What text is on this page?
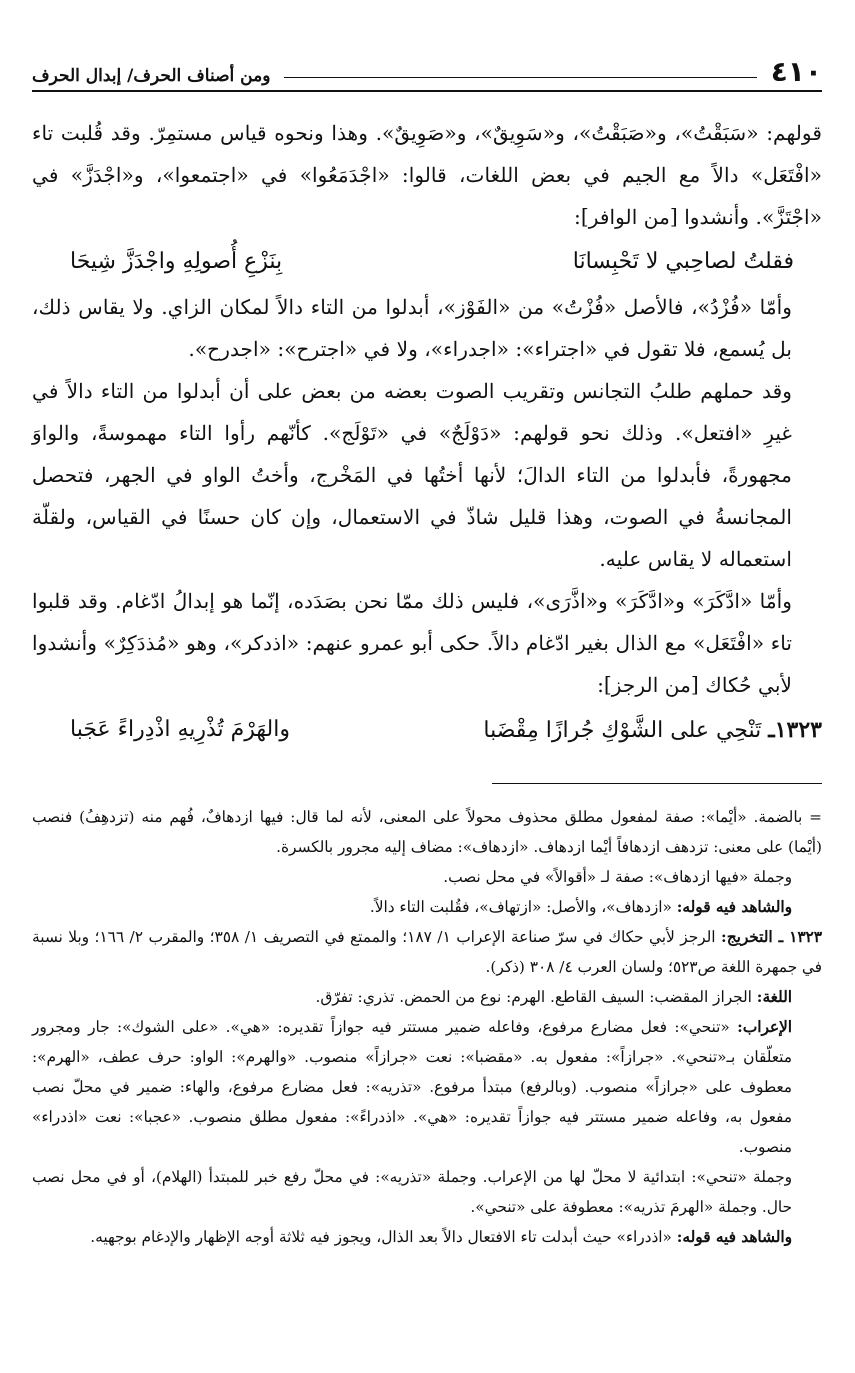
٤١٠
ومن أصناف الحرف/ إبدال الحرف

قولهم: «سَبَقْتُ»، و«صَبَقْتُ»، و«سَوِيقٌ»، و«صَوِيقٌ». وهذا ونحوه قياس مستمِرّ. وقد قُلبت تاء «افْتَعَل» دالاً مع الجيم في بعض اللغات، قالوا: «اجْدَمَعُوا» في «اجتمعوا»، و«اجْدَزَّ» في «اجْتَزَّ». وأنشدوا [من الوافر]:

فقلتُ لصاحِبي لا تَحْبِسانَا
بِنَزْعِ أُصولِهِ واجْدَزَّ شِيحَا

وأمّا «فُزْدُ»، فالأصل «فُزْتُ» من «الفَوْز»، أبدلوا من التاء دالاً لمكان الزاي. ولا يقاس ذلك، بل يُسمع، فلا تقول في «اجتراء»: «اجدراء»، ولا في «اجترح»: «اجدرح».

وقد حملهم طلبُ التجانس وتقريب الصوت بعضه من بعض على أن أبدلوا من التاء دالاً في غيرِ «افتعل». وذلك نحو قولهم: «دَوْلَجٌ» في «تَوْلَج». كأنّهم رأوا التاء مهموسةً، والواوَ مجهورةً، فأبدلوا من التاء الدالَ؛ لأنها أختُها في المَخْرج، وأختُ الواو في الجهر، فتحصل المجانسةُ في الصوت، وهذا قليل شاذّ في الاستعمال، وإن كان حسنًا في القياس، ولقلّة استعماله لا يقاس عليه.

وأمّا «ادَّكَرَ» و«ادَّكَرَ» و«اذَّرَى»، فليس ذلك ممّا نحن بصَدَده، إنّما هو إبدالُ ادّغام. وقد قلبوا تاء «افْتَعَل» مع الذال بغير ادّغام دالاً. حكى أبو عمرو عنهم: «اذدكر»، وهو «مُذدَكِرٌ» وأنشدوا لأبي حُكاك [من الرجز]:

١٣٢٣ـ تَنْحِي على الشَّوْكِ جُرازًا مِقْضَبا
والهَرْمَ تُذْرِيهِ اذْدِراءً عَجَبا

= بالضمة. «أيْما»: صفة لمفعول مطلق محذوف محولاً على المعنى، لأنه لما قال: فيها ازدهافٌ، فُهم منه (تزدهِفُ) فنصب (أيْما) على معنى: تزدهف ازدهافاً أيْما ازدهاف. «ازدهاف»: مضاف إليه مجرور بالكسرة.

وجملة «فيها ازدهاف»: صفة لـ «أقوالاً» في محل نصب.

والشاهد فيه قوله: «ازدهاف»، والأصل: «ازتهاف»، فقُلبت التاء دالاً.

١٣٢٣ ـ التخريج: الرجز لأبي حكاك في سرّ صناعة الإعراب ١/ ١٨٧؛ والممتع في التصريف ١/ ٣٥٨؛ والمقرب ٢/ ١٦٦؛ وبلا نسبة في جمهرة اللغة ص٥٢٣؛ ولسان العرب ٤/ ٣٠٨ (ذكر).

اللغة: الجراز المقضب: السيف القاطع. الهرم: نوع من الحمض. تذري: تفرّق.

الإعراب: «تنحي»: فعل مضارع مرفوع، وفاعله ضمير مستتر فيه جوازاً تقديره: «هي». «على الشوك»: جار ومجرور متعلّقان بـ«تنحي». «جرازاً»: مفعول به. «مقضبا»: نعت «جرازاً» منصوب. «والهرم»: الواو: حرف عطف، «الهرم»: معطوف على «جرازاً» منصوب. (وبالرفع) مبتدأ مرفوع. «تذريه»: فعل مضارع مرفوع، والهاء: ضمير في محلّ نصب مفعول به، وفاعله ضمير مستتر فيه جوازاً تقديره: «هي». «اذدراءً»: مفعول مطلق منصوب. «عجبا»: نعت «اذدراء» منصوب.

وجملة «تنحي»: ابتدائية لا محلّ لها من الإعراب. وجملة «تذريه»: في محلّ رفع خبر للمبتدأ (الهلام)، أو في محل نصب حال. وجملة «الهرمَ تذريه»: معطوفة على «تنحي».

والشاهد فيه قوله: «اذدراء» حيث أبدلت تاء الافتعال دالاً بعد الذال، ويجوز فيه ثلاثة أوجه الإظهار والإدغام بوجهيه.
